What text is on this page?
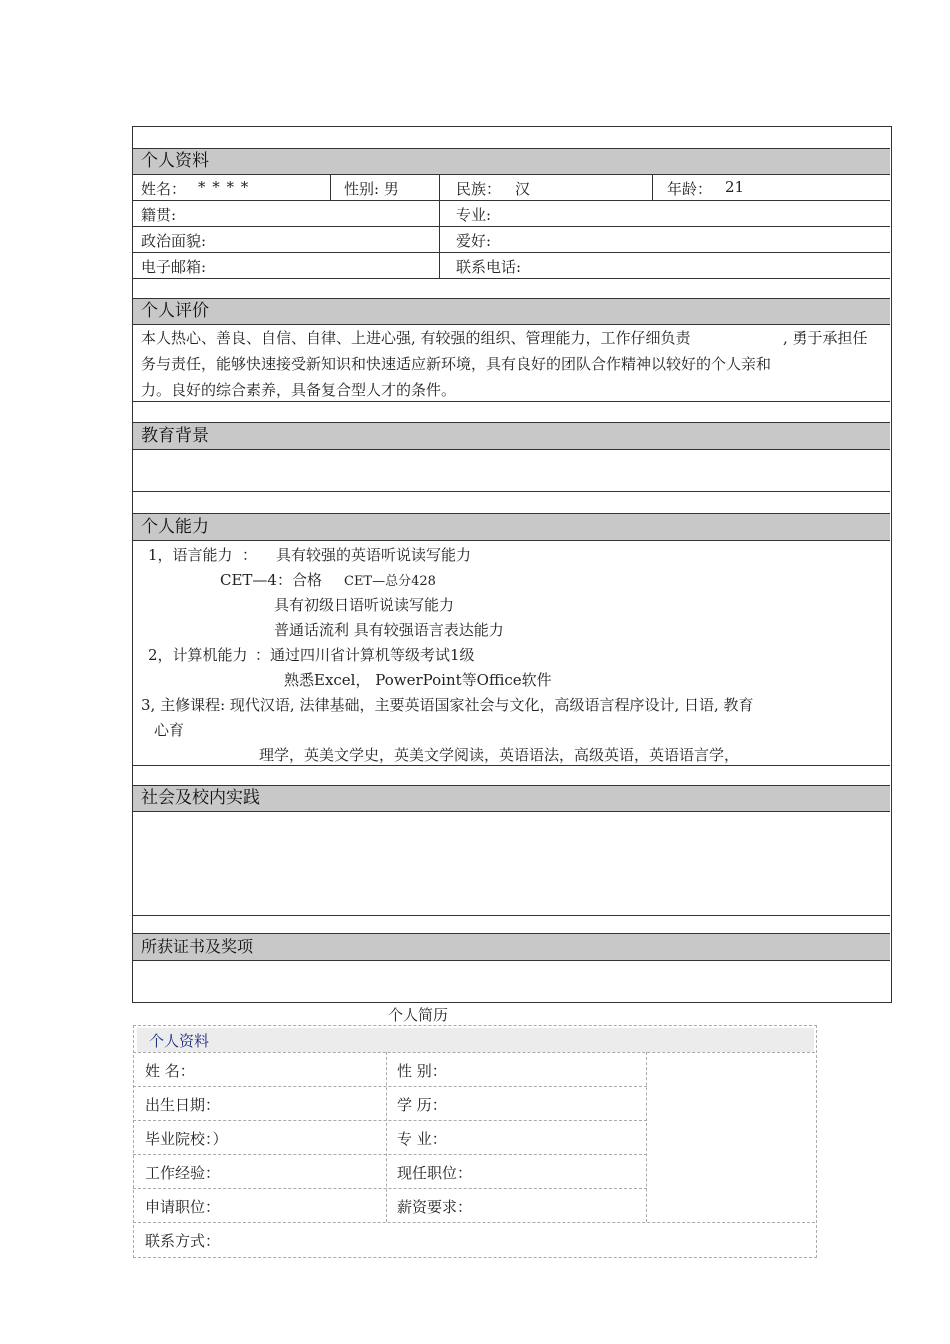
个人资料
个人评价
教育背景
个人能力
社会及校内实践
所获证书及奖项
姓名： * * * *	性别: 男	民族： 汉	年龄： 21
籍贯:	专业:
政治面貌:	爱好:
电子邮箱:	联系电话:
本人热心、善良、自信、自律、上进心强, 有较强的组织、管理能力，工作仔细负责	, 勇于承担任
务与责任，能够快速接受新知识和快速适应新环境，具有良好的团队合作精神以较好的个人亲和
力。良好的综合素养，具备复合型人才的条件。
1，语言能力 ： 具有较强的英语听说读写能力
CET—4：合格 CET—总分428
具有初级日语听说读写能力
普通话流利 具有较强语言表达能力
2，计算机能力 ：通过四川省计算机等级考试1级
熟悉Excel， PowerPoint等Office软件
3, 主修课程: 现代汉语, 法律基础，主要英语国家社会与文化，高级语言程序设计, 日语, 教育
心育
理学，英美文学史，英美文学阅读，英语语法，高级英语，英语语言学，
个人简历
个人资料
姓 名：	性 别：
出生日期：	学 历：
毕业院校：）	专 业：
工作经验：	现任职位：
申请职位：	薪资要求：
联系方式：
